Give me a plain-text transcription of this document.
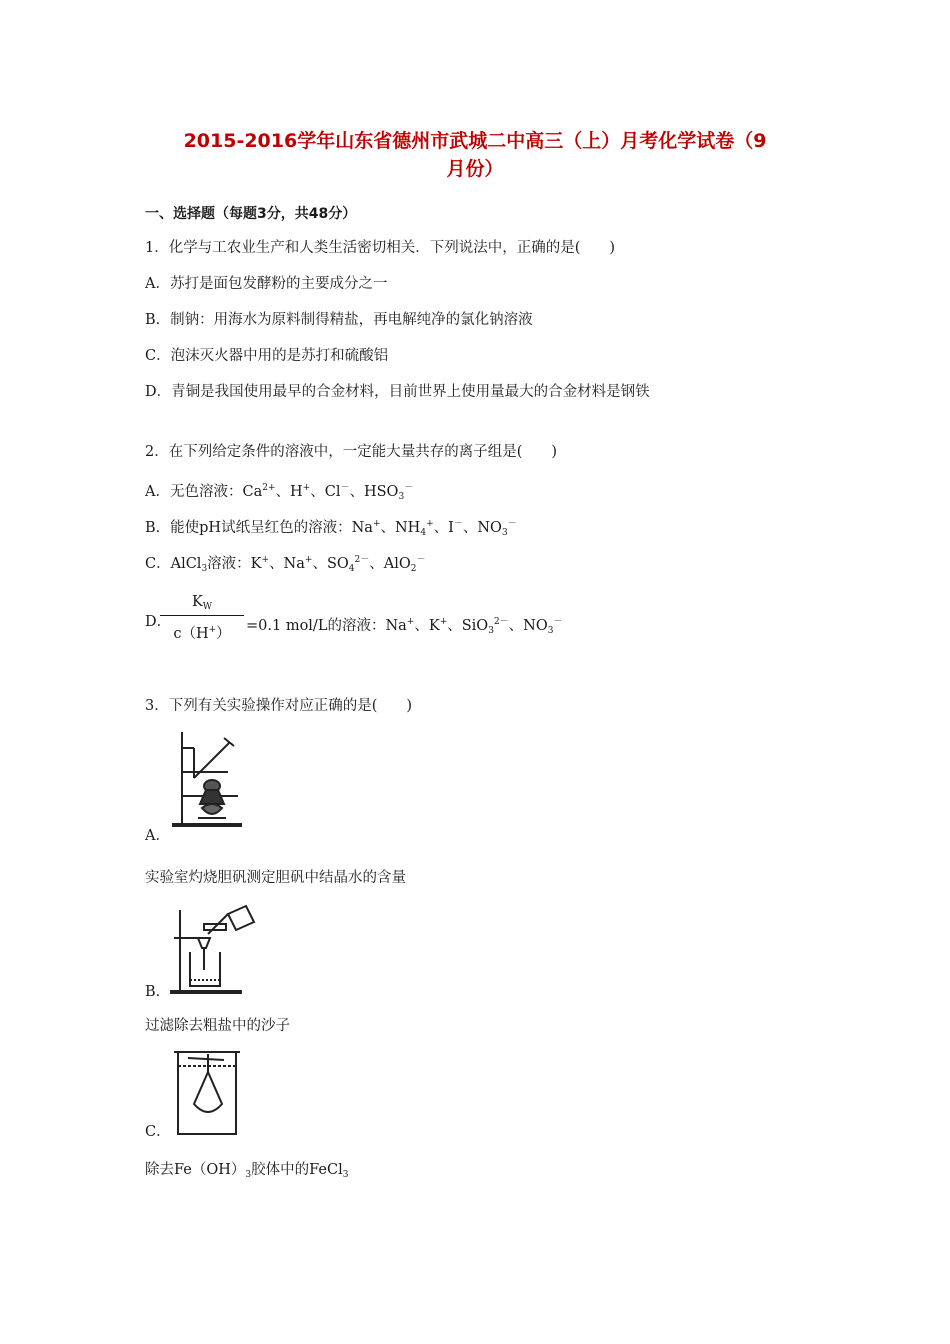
2015-2016学年山东省德州市武城二中高三（上）月考化学试卷（9
月份）
一、选择题（每题3分，共48分）
1．化学与工农业生产和人类生活密切相关．下列说法中，正确的是(　　)
A．苏打是面包发酵粉的主要成分之一
B．制钠：用海水为原料制得精盐，再电解纯净的氯化钠溶液
C．泡沫灭火器中用的是苏打和硫酸铝
D．青铜是我国使用最早的合金材料，目前世界上使用量最大的合金材料是钢铁
2．在下列给定条件的溶液中，一定能大量共存的离子组是(　　)
A．无色溶液：$Ca^{2+}$、H+、Cl－、$HSO_3^-$
B．能使pH试纸呈红色的溶液：Na+、$NH_4^+$、I－、$NO_3^-$
C．AlCl$_3$溶液：K+、Na+、$SO_4^{2-}$、AlO$_2$－
D．
$K_W$
c（H+）	=0.1 mol/L的溶液：Na+、K+、SiO$_3^{2-}$、$NO_3^-$
3．下列有关实验操作对应正确的是(　　)
A．
实验室灼烧胆矾测定胆矾中结晶水的含量
B．
过滤除去粗盐中的沙子
C．
除去$Fe(OH)_3$胶体中的FeCl$_3$
